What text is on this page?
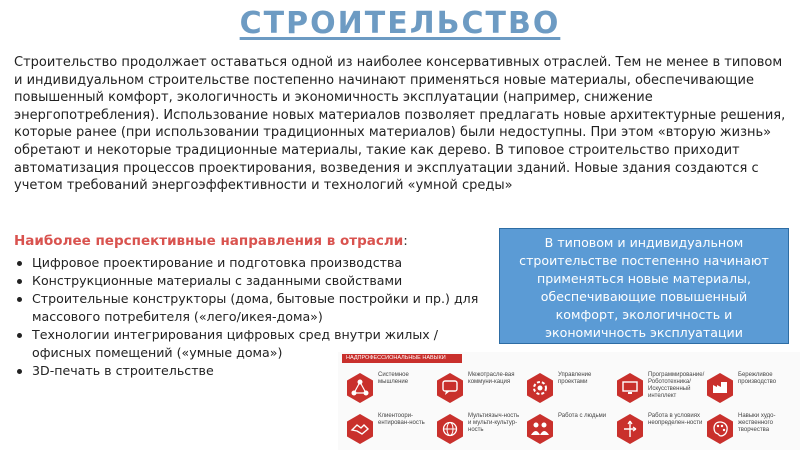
СТРОИТЕЛЬСТВО

Строительство продолжает оставаться одной из наиболее консервативных отраслей. Тем не менее в типовом и индивидуальном строительстве постепенно начинают применяться новые материалы, обеспечивающие повышенный комфорт, экологичность и экономичность эксплуатации (например, снижение энергопотребления). Использование новых материалов позволяет предлагать новые архитектурные решения, которые ранее (при использовании традиционных материалов) были недоступны. При этом «вторую жизнь» обретают и некоторые традиционные материалы, такие как дерево. В типовое строительство приходит автоматизация процессов проектирования, возведения и эксплуатации зданий. Новые здания создаются с учетом требований энергоэффективности и технологий «умной среды»

Наиболее перспективные направления в отрасли:

Цифровое проектирование и подготовка производства
Конструкционные материалы с заданными свойствами
Строительные конструкторы (дома, бытовые постройки и пр.) для массового потребителя («лего/икея-дома»)
Технологии интегрирования цифровых сред внутри жилых / офисных помещений («умные дома»)
3D-печать в строительстве
В типовом и индивидуальном строительстве постепенно начинают применяться новые материалы, обеспечивающие повышенный комфорт, экологичность и экономичность эксплуатации
НАДПРОФЕССИОНАЛЬНЫЕ НАВЫКИ
Системное мышление
Межотрасле-вая коммуни-кация
Управление проектами
Программирование/ Робототехника/ Искусственный интеллект
Бережливое производство
Клиентоори-ентирован-ность
Мультиязыч-ность и мульти-культур-ность
Работа с людьми	Работа в условиях неопределен-ности
Навыки худо-жественного творчества
